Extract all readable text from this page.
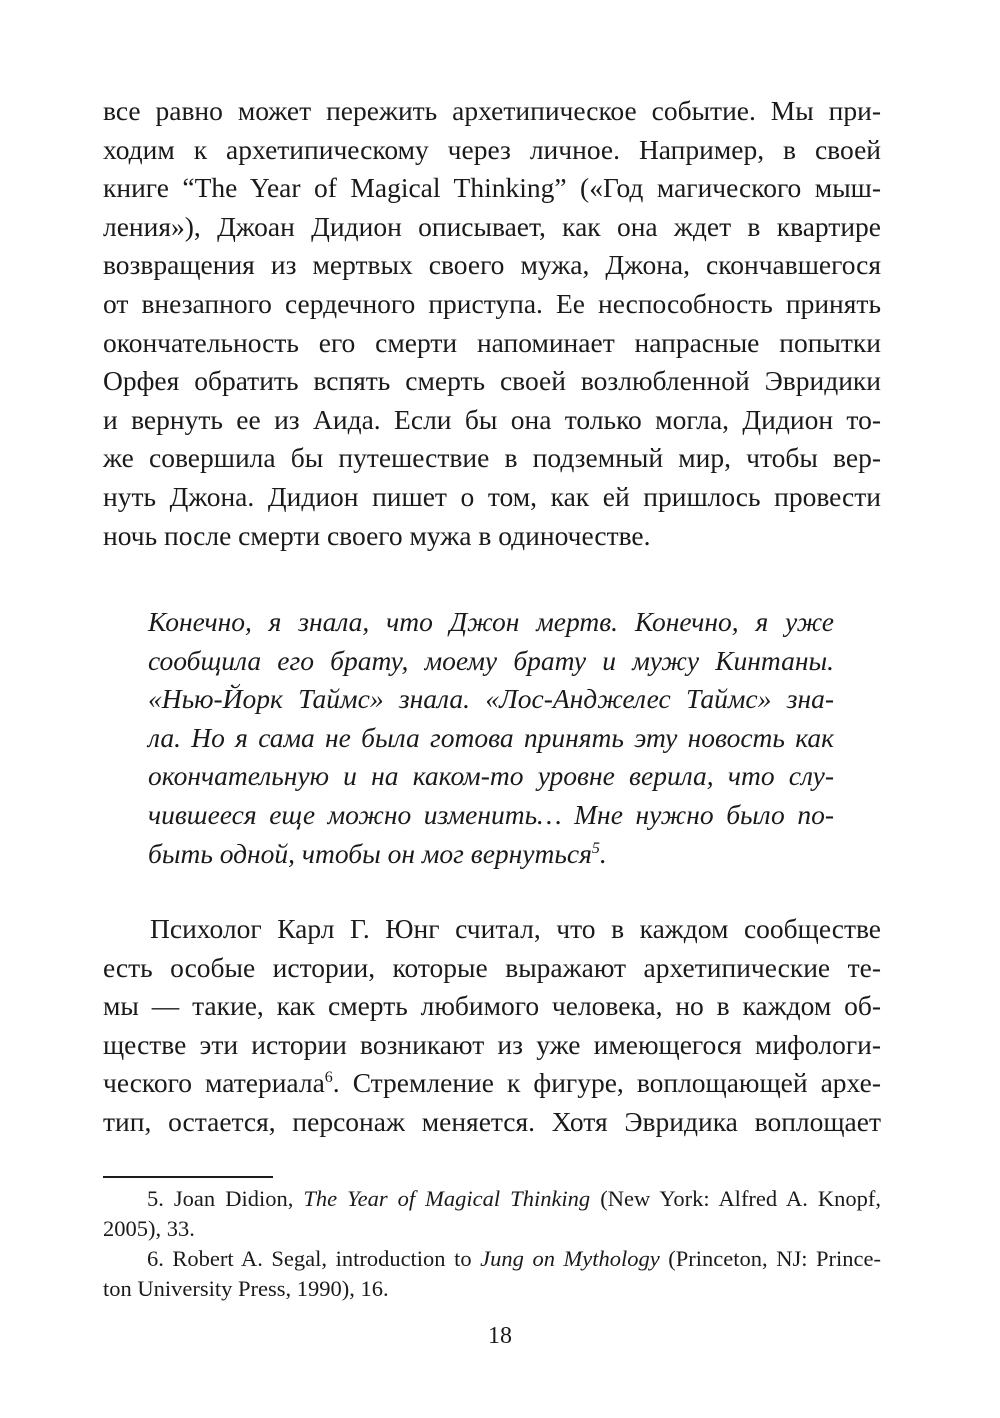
все равно может пережить архетипическое событие. Мы при-
ходим к архетипическому через личное. Например, в своей
книге “The Year of Magical Thinking” («Год магического мыш-
ления»), Джоан Дидион описывает, как она ждет в квартире
возвращения из мертвых своего мужа, Джона, скончавшегося
от внезапного сердечного приступа. Ее неспособность принять
окончательность его смерти напоминает напрасные попытки
Орфея обратить вспять смерть своей возлюбленной Эвридики
и вернуть ее из Аида. Если бы она только могла, Дидион то-
же совершила бы путешествие в подземный мир, чтобы вер-
нуть Джона. Дидион пишет о том, как ей пришлось провести
ночь после смерти своего мужа в одиночестве.
Конечно, я знала, что Джон мертв. Конечно, я уже
сообщила его брату, моему брату и мужу Кинтаны.
«Нью-Йорк Таймс» знала. «Лос-Анджелес Таймс» зна-
ла. Но я сама не была готова принять эту новость как
окончательную и на каком-то уровне верила, что слу-
чившееся еще можно изменить… Мне нужно было по-
быть одной, чтобы он мог вернуться$^5$.
Психолог Карл Г. Юнг считал, что в каждом сообществе
есть особые истории, которые выражают архетипические те-
мы — такие, как смерть любимого человека, но в каждом об-
ществе эти истории возникают из уже имеющегося мифологи-
ческого материала$^6$. Стремление к фигуре, воплощающей архе-
тип, остается, персонаж меняется. Хотя Эвридика воплощает
5. Joan Didion, The Year of Magical Thinking (New York: Alfred A. Knopf,
2005), 33.
6. Robert A. Segal, introduction to Jung on Mythology (Princeton, NJ: Prince-
ton University Press, 1990), 16.
18
